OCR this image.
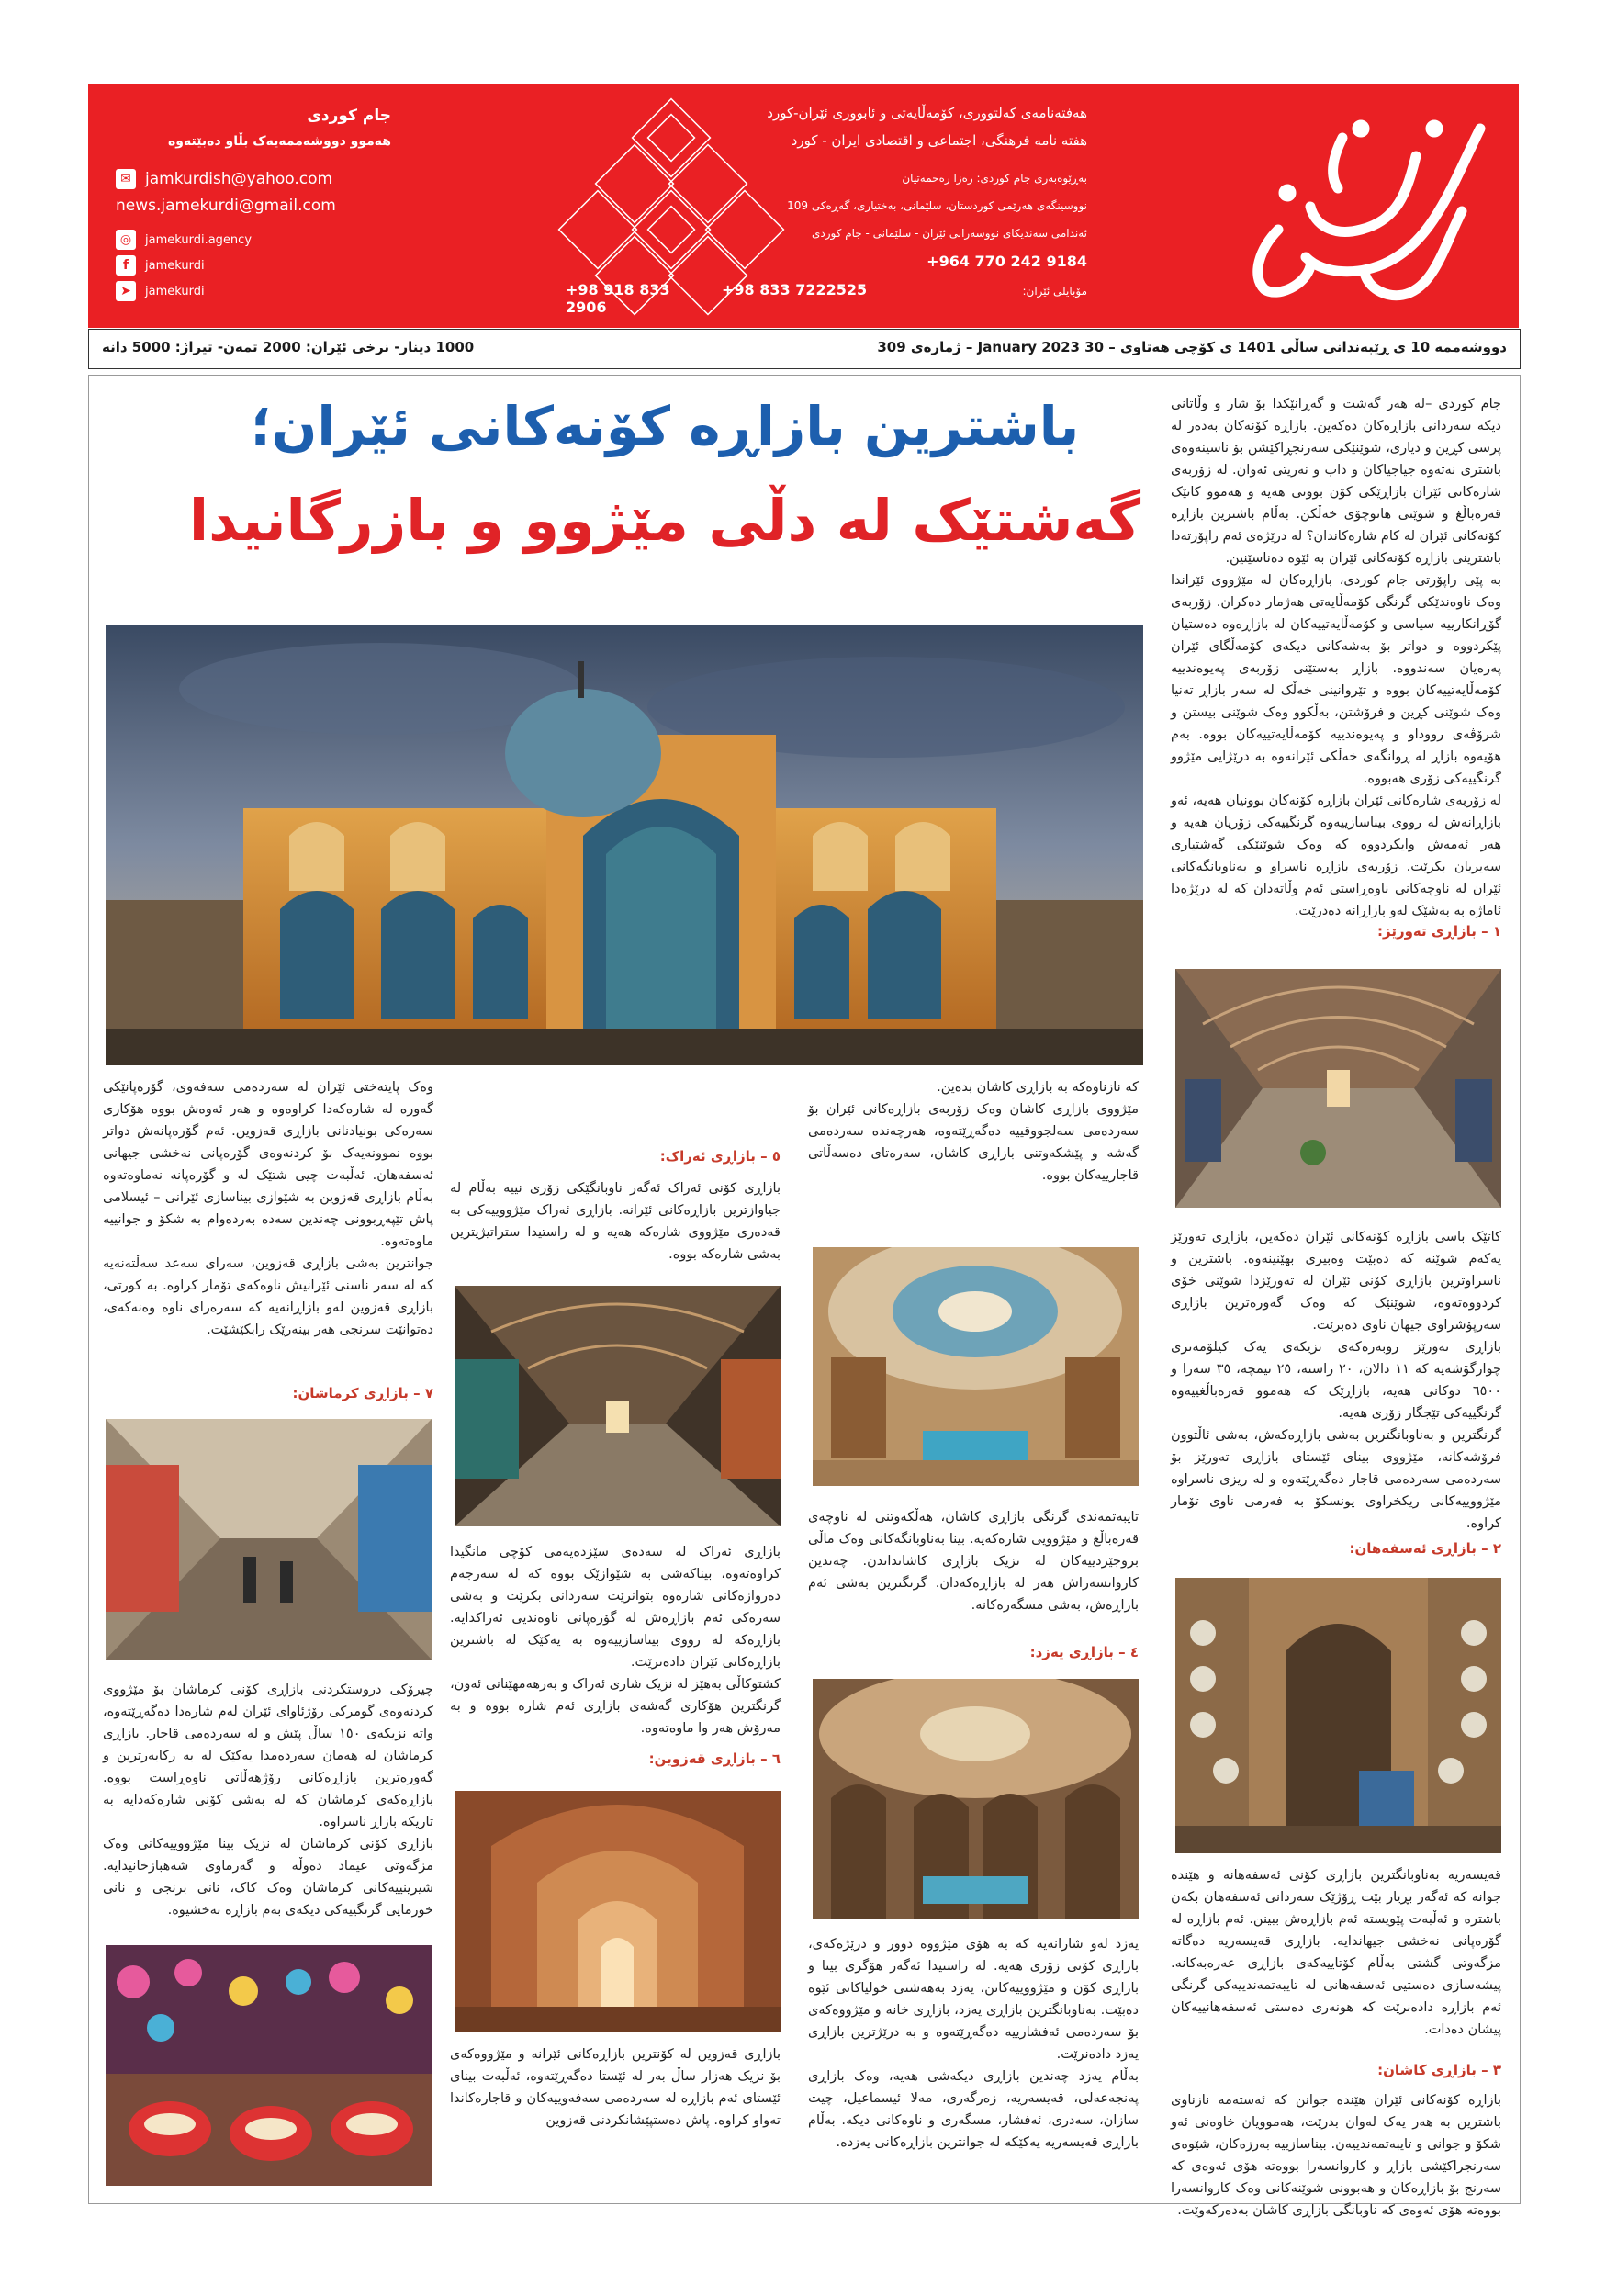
هەفتەنامەی کەلتووری، کۆمەڵایەتی و ئابووری ئێران-کورد
هفته نامه فرهنگی، اجتماعی و اقتصادی ایران - کورد
بەڕێوەبەری جام کوردی: رەزا رەحمەتیان
نووسینگەی هەرێمی کوردستان، سلێمانی، بەختیاری، گەڕەکی 109
ئەندامی سەندیکای نووسەرانی ئێران - سلێمانی - جام کوردی
+964 770 242 9184
مۆبایلی ئێران:
+98 833 7222525
+98 918 833 2906
جام کوردی
هەموو دووشەممەیەک بڵاو دەبێتەوە
✉ jamkurdish@yahoo.com
news.jamekurdi@gmail.com
◎	jamekurdi.agency
f	jamekurdi
➤	jamekurdi
دووشەممە 10 ی ڕێبەندانی ساڵی 1401 ی کۆچی هەتاوی – 30 January 2023 – ژمارەی 309
1000 دینار- نرخی ئێران: 2000 تمەن- تیراژ: 5000 دانە
باشترین بازاڕە کۆنەکانی ئێران؛
گەشتێک لە دڵی مێژوو و بازرگانیدا

جام کوردی –لە هەر گەشت و گەڕانێکدا بۆ شار و وڵاتانی دیکە سەردانی بازاڕەکان دەکەین. بازاڕە کۆنەکان بەدەر لە پرسی کڕین و دیاری، شوێنێکی سەرنجڕاکێشن بۆ ناسینەوەی باشتری نەتەوە جیاجیاکان و داب و نەریتی ئەوان. لە زۆربەی شارەکانی ئێران بازاڕێکی کۆن بوونی هەیە و هەموو کاتێک قەرەباڵغ و شوێنی هاتوچۆی خەڵکن. بەڵام باشترین بازاڕە کۆنەکانی ئێران لە کام شارەکاندان؟ لە درێژەی ئەم راپۆرتەدا باشترینی بازاڕە کۆنەکانی ئێران بە ئێوە دەناسێنین.

بە پێی راپۆرتی جام کوردی، بازاڕەکان لە مێژووی ئێراندا وەک ناوەندێکی گرنگی کۆمەڵایەتی هەژمار دەکران. زۆربەی گۆڕانکارییە سیاسی و کۆمەڵایەتییەکان لە بازاڕەوە دەستیان پێکردووە و دواتر بۆ بەشەکانی دیکەی کۆمەڵگای ئێران پەرەیان سەندووە. بازاڕ بەستێنی زۆربەی پەیوەندییە کۆمەڵایەتییەکان بووە و تێروانینی خەڵک لە سەر بازاڕ تەنیا وەک شوێنی کڕین و فرۆشتن، بەڵکوو وەک شوێنی بیستن و شرۆڤەی رووداو و پەیوەندییە کۆمەڵایەتییەکان بووە. بەم هۆیەوە بازاڕ لە ڕوانگەی خەڵکی ئێرانەوە بە درێژایی مێژوو گرنگییەکی زۆری هەبووە.

لە زۆربەی شارەکانی ئێران بازاڕە کۆنەکان بوونیان هەیە، ئەو بازاڕانەش لە رووی بیناسازییەوە گرنگییەکی زۆریان هەیە و هەر ئەمەش وایکردووە کە وەک شوێنێکی گەشتیاری سەیریان بکرێت. زۆربەی بازاڕە ناسراو و بەناوبانگەکانی ئێران لە ناوچەکانی ناوەڕاستی ئەم وڵاتەدان کە لە درێژەدا ئاماژە بە بەشێک لەو بازاڕانە دەدرێت.

١ – بازاڕی تەورێز:

کاتێک باسی بازاڕە کۆنەکانی ئێران دەکەین، بازاڕی تەورێز یەکەم شوێنە کە دەبێت وەبیری بهێنینەوە. باشترین و ناسراوترین بازاڕی کۆنی ئێران لە تەورێزدا شوێنی خۆی کردووەتەوە، شوێنێک کە وەک گەورەترین بازاڕی سەرپۆشراوی جیهان ناوی دەبرێت.
بازاڕی تەورێز روبەرەکەی نزیکەی یەک کیلۆمەتری چوارگۆشەیە کە ١١ دالان، ٢٠ راستە، ٢٥ تیمچە، ٣٥ سەرا و ٦٥٠٠ دوکانی هەیە، بازاڕێک کە هەموو قەرەباڵغییەوە گرنگییەکی تێجگار زۆری هەیە.
گرنگترین و بەناوبانگترین بەشی بازاڕەکەش، بەشی ئاڵتوون فرۆشەکانە، مێژووی بینای ئێستای بازاڕی تەورێز بۆ سەردەمی سەردەمی قاجار دەگەڕێتەوە و لە ریزی ناسراوە مێژووییەکانی ریکخراوی یونسکۆ بە فەرمی ناوی تۆمار کراوە.

٢ – بازاڕی ئەسفەهان:

قەیسەریە بەناوبانگترین بازاڕی کۆنی ئەسفەهانە و هێندە جوانە کە ئەگەر بڕیار بێت ڕۆژێک سەردانی ئەسفەهان بکەن باشترە و ئەڵبەت پێویستە ئەم بازاڕەش ببینن. ئەم بازاڕە لە گۆرەپانی نەخشی جیهاندایە. بازاڕی قەیسەریە دەگاتە مزگەوتی گشتی بەڵام کۆتاییەکەی بازاڕی عەرەبەکانە. پیشەسازی دەستیی ئەسفەهانی لە تایبەتمەندییەکی گرنگی ئەم بازاڕە دادەنرێت کە هونەری دەستی ئەسفەهانییەکان پیشان دەدات.

٣ – بازاڕی کاشان:

بازاڕە کۆنەکانی ئێران هێندە جوانن کە ئەستەمە نازناوی باشترین بە هەر یەک لەوان بدرێت، هەموویان خاوەنی ئەو شکۆ و جوانی و تایبەتمەندییەن. بیناسازییە بەرزەکان، شێوەی سەرنجراکێشی بازاڕ و کاروانسەرا بووەتە هۆی ئەوەی کە سەرنج بۆ بازاڕەکان و هەبوونی شوێنەکانی وەک کاروانسەرا بووەتە هۆی ئەوەی کە ناوبانگی بازاڕی کاشان بەدەرکەوێت.

کە نازناوەکە بە بازاڕی کاشان بدەین.
مێژووی بازاڕی کاشان وەک زۆربەی بازاڕەکانی ئێران بۆ سەردەمی سەلجووقییە دەگەڕێتەوە، هەرچەندە سەردەمی گەشە و پێشکەوتنی بازاڕی کاشان، سەرەتای دەسەڵاتی قاجارییەکان بووە.

تایبەتمەندی گرنگی بازاڕی کاشان، هەڵکەوتنی لە ناوچەی قەرەباڵغ و مێژوویی شارەکەیە. بینا بەناوبانگەکانی وەک ماڵی بروجێردییەکان لە نزیک بازاڕی کاشانداندن. چەندین کاروانسەراش هەر لە بازاڕەکەدان. گرنگترین بەشی ئەم بازاڕەش، بەشی مسگەرەکانە.

٤ – بازاڕی یەزد:

یەزد لەو شارانەیە کە بە هۆی مێژووە دوور و درێژەکەی، بازاڕی کۆنی زۆری هەیە. لە راستیدا ئەگەر هۆگری بینا و بازاڕی کۆن و مێژووییەکانن، یەزد بەهەشتی خولیاکانی ئێوە دەبێت. بەناوبانگترین بازاڕی یەزد، بازاڕی خانە و مێژووەکەی بۆ سەردەمی ئەفشارییە دەگەڕێتەوە و بە درێژترین بازاڕی یەزد دادەنرێت.
بەڵام یەزد چەندین بازاڕی دیکەشی هەیە، وەک بازاڕی پەنجەعەلی، قەیسەریە، زەرگەری، مەلا ئیسماعیل، چیت سازان، سەدری، ئەفشار، مسگەری و ناوەکانی دیکە. بەڵام بازاڕی قەیسەریە یەکێکە لە جوانترین بازاڕەکانی یەزدە.

٥ – بازاڕی ئەراک:

بازاڕی کۆنی ئەراک ئەگەر ناوبانگێکی زۆری نییە بەڵام لە جیاوازترین بازاڕەکانی ئێرانە. بازاڕی ئەراک مێژووییەکی بە قەدەری مێژووی شارەکە هەیە و لە راستیدا ستراتیژیترین بەشی شارەکە بووە.

بازاڕی ئەراک لە سەدەی سێزدەیەمی کۆچی مانگیدا کراوەتەوە، بیناکەشی بە شێوازێک بووە کە لە سەرجەم دەروازەکانی شارەوە بتوانرێت سەردانی بکرێت و بەشی سەرەکی ئەم بازاڕەش لە گۆرەپانی ناوەندیی ئەراکدایە. بازاڕەکە لە رووی بیناسازییەوە بە یەکێک لە باشترین بازاڕەکانی ئێران دادەنرێت.
کشتوکاڵی بەهێز لە نزیک شاری ئەراک و بەرهەمهێنانی ئەون، گرنگترین هۆکاری گەشەی بازاڕی ئەم شارە بووە و بە مەرۆش هەر وا ماوەتەوە.

٦ – بازاڕی قەزوین:

بازاڕی قەزوین لە کۆنترین بازاڕەکانی ئێرانە و مێژووەکەی بۆ نزیک هەزار ساڵ بەر لە ئێستا دەگەڕێتەوە، ئەڵبەت بینای ئێستای ئەم بازاڕە لە سەردەمی سەفەوییەکان و قاجارەکاندا تەواو کراوە. پاش دەستپێشانکردنی قەزوین

وەک پایتەختی ئێران لە سەردەمی سەفەوی، گۆرەپانێکی گەورە لە شارەکەدا کراوەوە و هەر ئەوەش بووە هۆکاری سەرەکی بونیادنانی بازاڕی قەزوین. ئەم گۆرەپانەش دواتر بووە نموونەیەک بۆ کردنەوەی گۆرەپانی نەخشی جیهانی ئەسفەهان. ئەڵبەت چیی شتێک لە و گۆرەپانە نەماوەتەوە بەڵام بازاڕی قەزوین بە شێوازی بیناسازی ئێرانی – ئیسلامی پاش تێپەڕبوونی چەندین سەدە بەردەوام بە شکۆ و جوانییە ماوەتەوە.
جوانترین بەشی بازاڕی قەزوین، سەرای سەعد سەڵتەنەیە کە لە سەر ناسنی ئێرانیش ناوەکەی تۆمار کراوە. بە کورتی، بازاڕی قەزوین لەو بازاڕانەیە کە سەرەرای ناوە وەنەکەی، دەتوانێت سرنجی هەر بینەرێک رابکێشێت.

٧ – بازاڕی کرماشان:

چیرۆکی دروستکردنی بازاڕی کۆنی کرماشان بۆ مێژووی کردنەوەی گومرکی رۆژئاوای ئێران لەم شارەدا دەگەڕێتەوە، واتە نزیکەی ١٥٠ ساڵ پێش و لە سەردەمی قاجار. بازاڕی کرماشان لە هەمان سەردەمدا یەکێک لە بە رکابەرترین و گەورەترین بازاڕەکانی رۆژهەڵاتی ناوەڕاست بووە. بازاڕەکەی کرماشان کە لە بەشی کۆنی شارەکەدایە بە تاریکە بازاڕ ناسراوە.
بازاڕی کۆنی کرماشان لە نزیک بینا مێژووییەکانی وەک مزگەوتی عیماد دەوڵە و گەرماوی شەهبازخانیدایە. شیرینییەکانی کرماشان وەک کاک، نانی برنجی و نانی خورمایی گرنگییەکی دیکەی بەم بازاڕە بەخشیوە.
